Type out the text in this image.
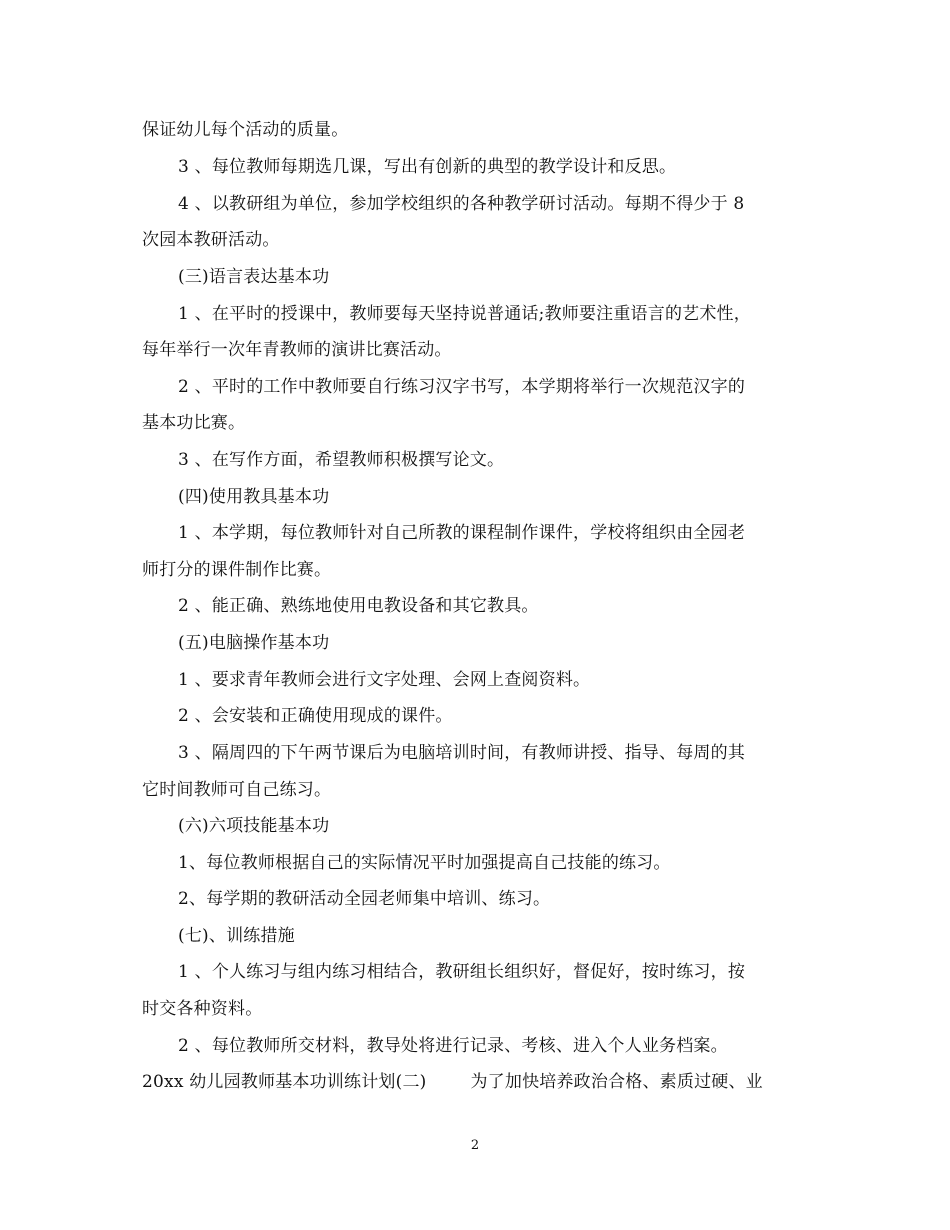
保证幼儿每个活动的质量。
3 、每位教师每期选几课，写出有创新的典型的教学设计和反思。
4 、以教研组为单位，参加学校组织的各种教学研讨活动。每期不得少于 8
次园本教研活动。
(三)语言表达基本功
1 、在平时的授课中，教师要每天坚持说普通话;教师要注重语言的艺术性，
每年举行一次年青教师的演讲比赛活动。
2 、平时的工作中教师要自行练习汉字书写，本学期将举行一次规范汉字的
基本功比赛。
3 、在写作方面，希望教师积极撰写论文。
(四)使用教具基本功
1 、本学期，每位教师针对自己所教的课程制作课件，学校将组织由全园老
师打分的课件制作比赛。
2 、能正确、熟练地使用电教设备和其它教具。
(五)电脑操作基本功
1 、要求青年教师会进行文字处理、会网上查阅资料。
2 、会安装和正确使用现成的课件。
3 、隔周四的下午两节课后为电脑培训时间，有教师讲授、指导、每周的其
它时间教师可自己练习。
(六)六项技能基本功
1、每位教师根据自己的实际情况平时加强提高自己技能的练习。
2、每学期的教研活动全园老师集中培训、练习。
(七)、训练措施
1 、个人练习与组内练习相结合，教研组长组织好，督促好，按时练习，按
时交各种资料。
2 、每位教师所交材料，教导处将进行记录、考核、进入个人业务档案。
20xx 幼儿园教师基本功训练计划(二)	为了加快培养政治合格、素质过硬、业
2
